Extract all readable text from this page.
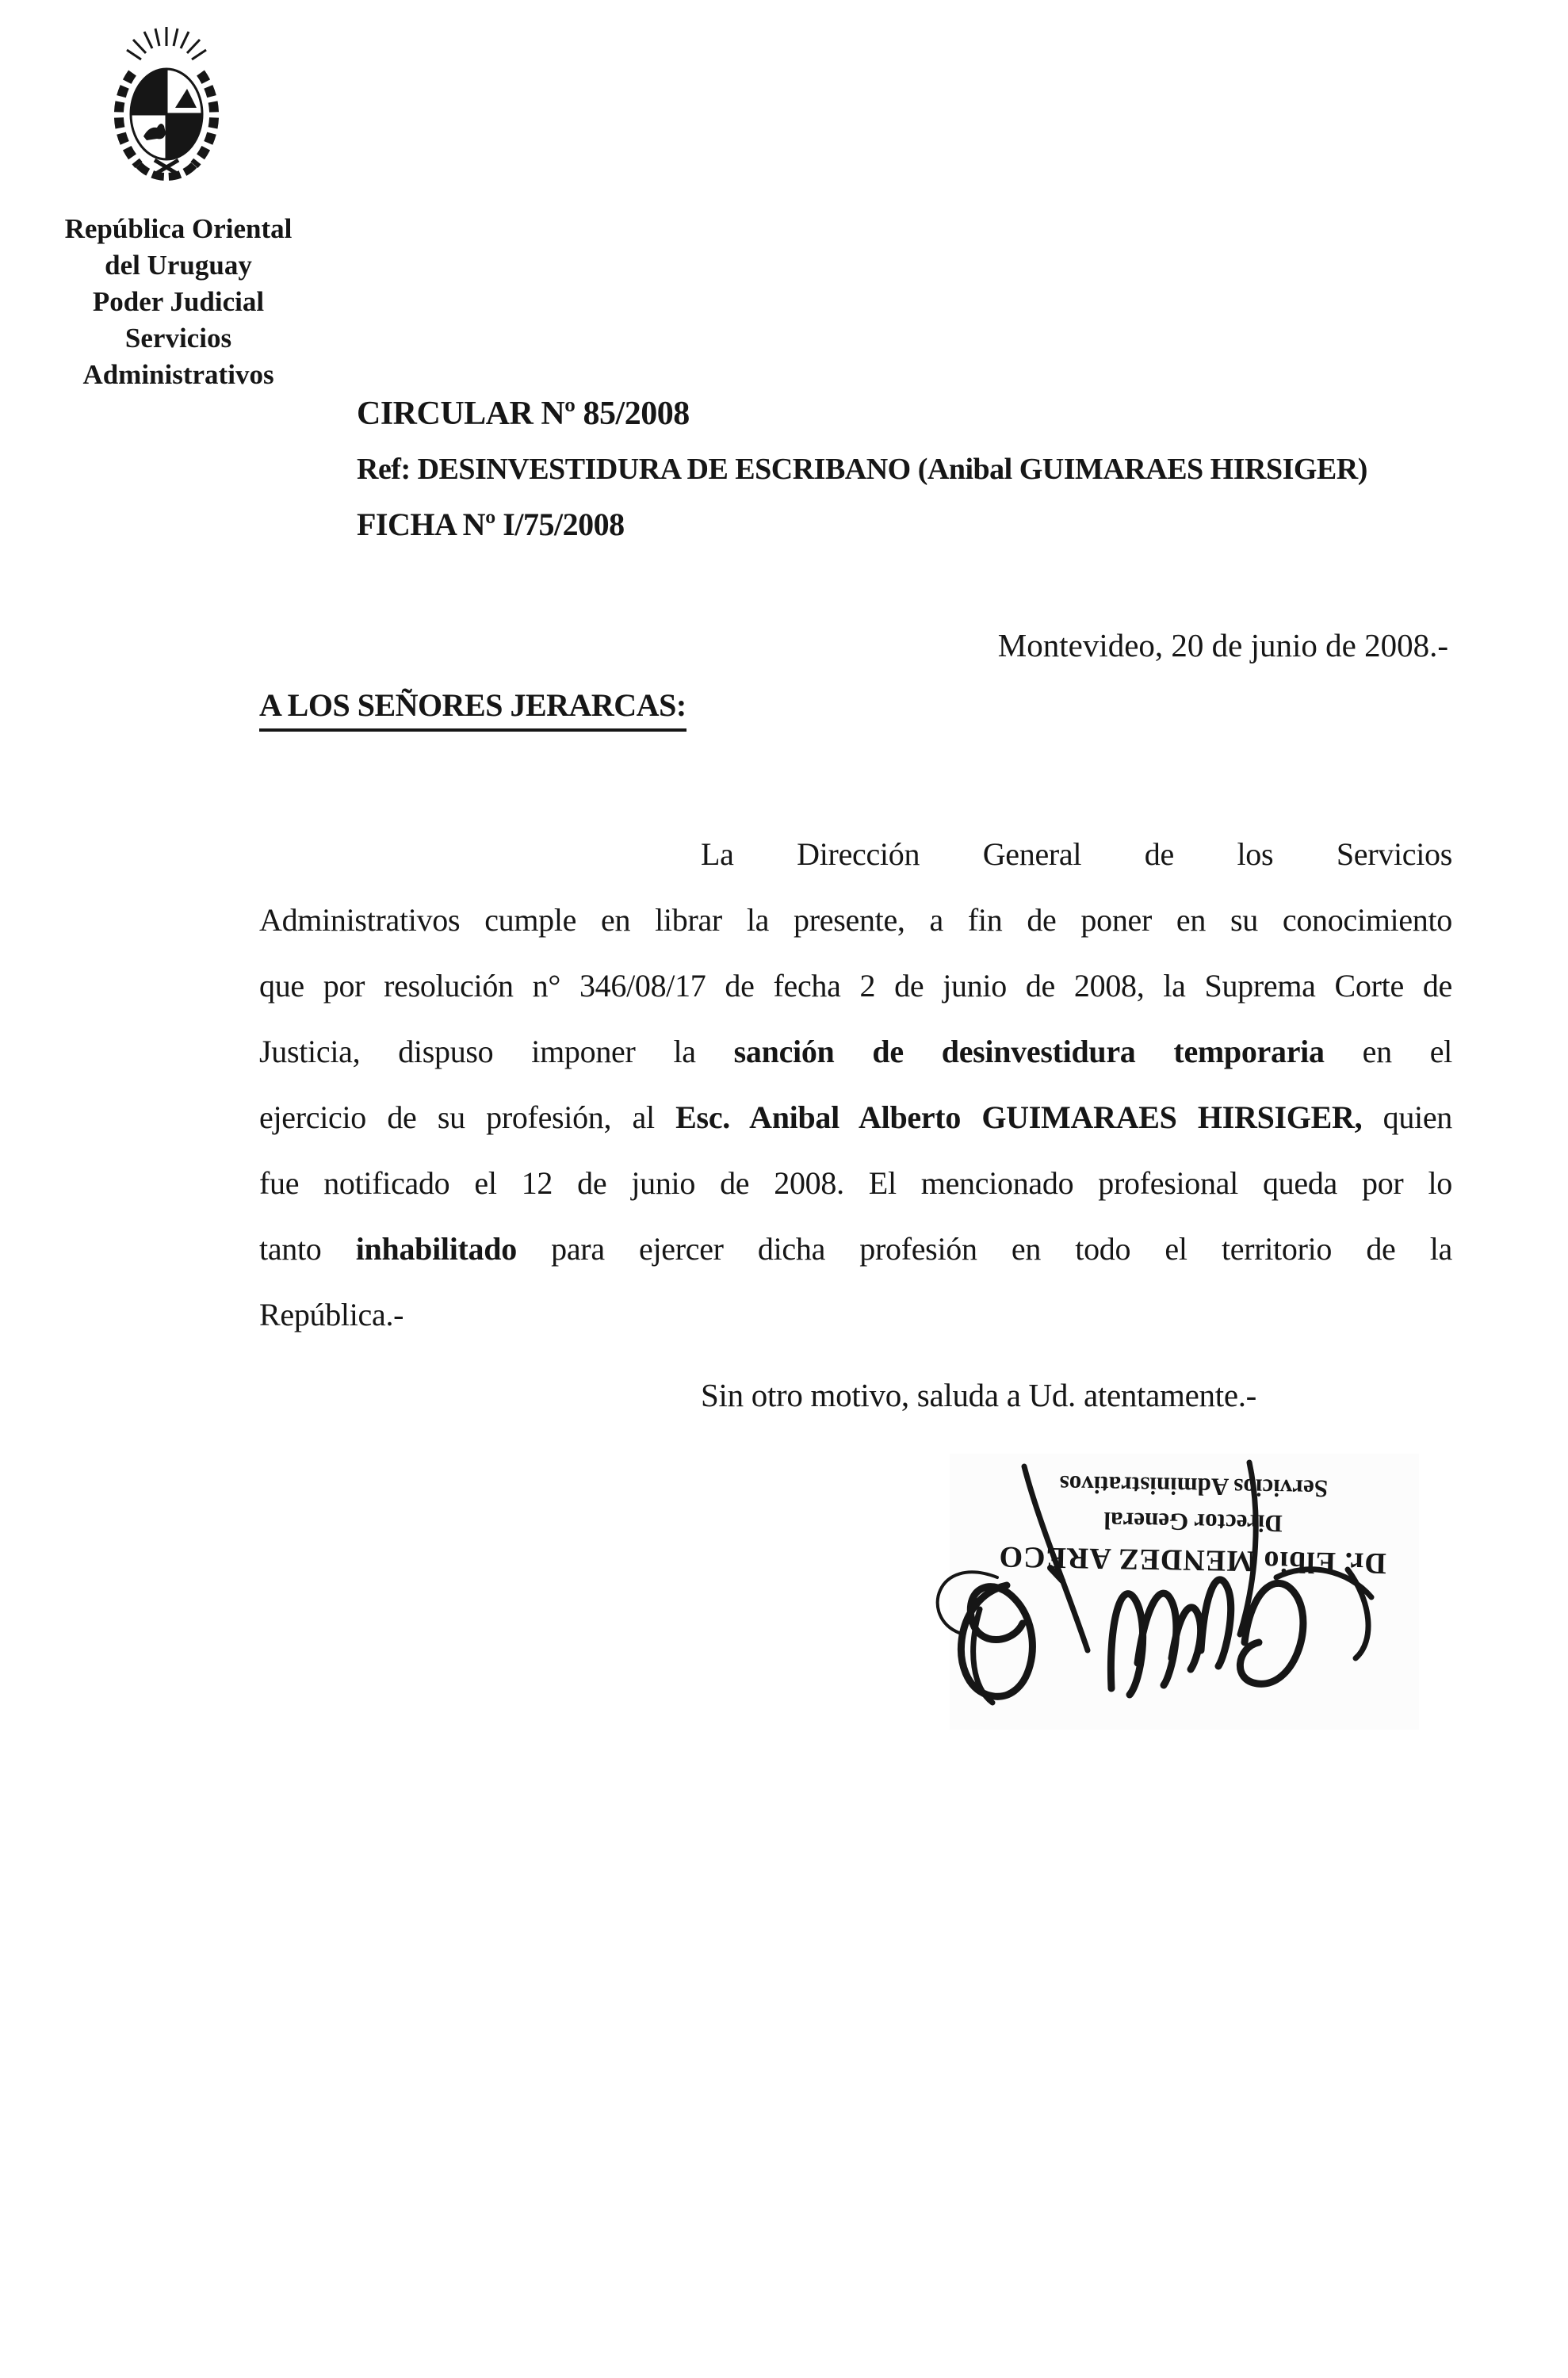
República Oriental
del Uruguay
Poder Judicial
Servicios
Administrativos
CIRCULAR Nº 85/2008
Ref: DESINVESTIDURA DE ESCRIBANO (Anibal GUIMARAES HIRSIGER)
FICHA Nº I/75/2008
Montevideo, 20 de junio de 2008.-
A LOS SEÑORES JERARCAS:
La Dirección General de los Servicios
Administrativos cumple en librar la presente, a fin de poner en su conocimiento
que por resolución n° 346/08/17 de fecha 2 de junio de 2008, la Suprema Corte de
Justicia, dispuso imponer la sanción de desinvestidura temporaria en el
ejercicio de su profesión, al Esc. Anibal Alberto GUIMARAES HIRSIGER, quien
fue notificado el 12 de junio de 2008. El mencionado profesional queda por lo
tanto inhabilitado para ejercer dicha profesión en todo el territorio de la
República.-
Sin otro motivo, saluda a Ud. atentamente.-
Dr. Elbio MENDEZ ARECO
Director General
Servicios Administrativos
